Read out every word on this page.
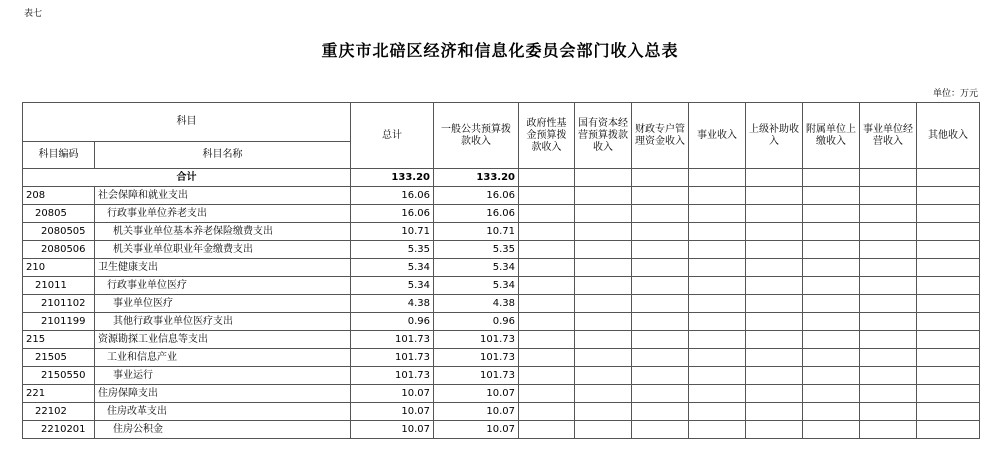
表七
重庆市北碚区经济和信息化委员会部门收入总表
单位：万元
科目		总计	一般公共预算拨款收入	政府性基金预算拨款收入	国有资本经营预算拨款收入	财政专户管理资金收入	事业收入	上级补助收入	附属单位上缴收入	事业单位经营收入	其他收入
科目编码	科目名称										
合计		133.20	133.20								
208	社会保障和就业支出	16.06	16.06								
20805	行政事业单位养老支出	16.06	16.06								
2080505	机关事业单位基本养老保险缴费支出	10.71	10.71								
2080506	机关事业单位职业年金缴费支出	5.35	5.35								
210	卫生健康支出	5.34	5.34								
21011	行政事业单位医疗	5.34	5.34								
2101102	事业单位医疗	4.38	4.38								
2101199	其他行政事业单位医疗支出	0.96	0.96								
215	资源勘探工业信息等支出	101.73	101.73								
21505	工业和信息产业	101.73	101.73								
2150550	事业运行	101.73	101.73								
221	住房保障支出	10.07	10.07								
22102	住房改革支出	10.07	10.07								
2210201	住房公积金	10.07	10.07								
